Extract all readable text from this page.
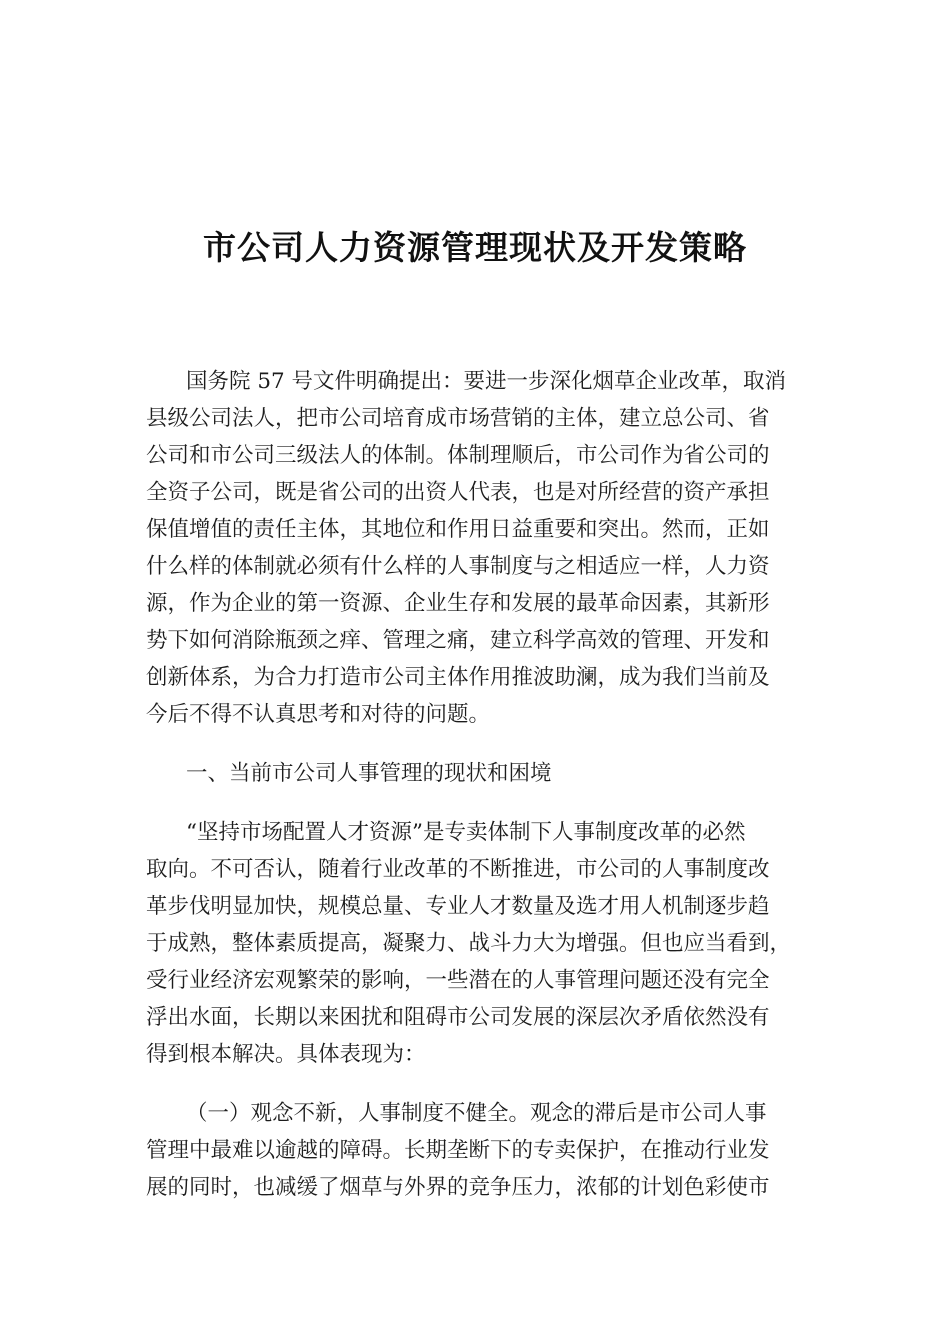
市公司人力资源管理现状及开发策略
国务院 57 号文件明确提出：要进一步深化烟草企业改革，取消
县级公司法人，把市公司培育成市场营销的主体，建立总公司、省
公司和市公司三级法人的体制。体制理顺后，市公司作为省公司的
全资子公司，既是省公司的出资人代表，也是对所经营的资产承担
保值增值的责任主体，其地位和作用日益重要和突出。然而，正如
什么样的体制就必须有什么样的人事制度与之相适应一样，人力资
源，作为企业的第一资源、企业生存和发展的最革命因素，其新形
势下如何消除瓶颈之痒、管理之痛，建立科学高效的管理、开发和
创新体系，为合力打造市公司主体作用推波助澜，成为我们当前及
今后不得不认真思考和对待的问题。
一、当前市公司人事管理的现状和困境
“坚持市场配置人才资源”是专卖体制下人事制度改革的必然
取向。不可否认，随着行业改革的不断推进，市公司的人事制度改
革步伐明显加快，规模总量、专业人才数量及选才用人机制逐步趋
于成熟，整体素质提高，凝聚力、战斗力大为增强。但也应当看到，
受行业经济宏观繁荣的影响，一些潜在的人事管理问题还没有完全
浮出水面，长期以来困扰和阻碍市公司发展的深层次矛盾依然没有
得到根本解决。具体表现为：
（一）观念不新，人事制度不健全。观念的滞后是市公司人事
管理中最难以逾越的障碍。长期垄断下的专卖保护，在推动行业发
展的同时，也减缓了烟草与外界的竞争压力，浓郁的计划色彩使市
